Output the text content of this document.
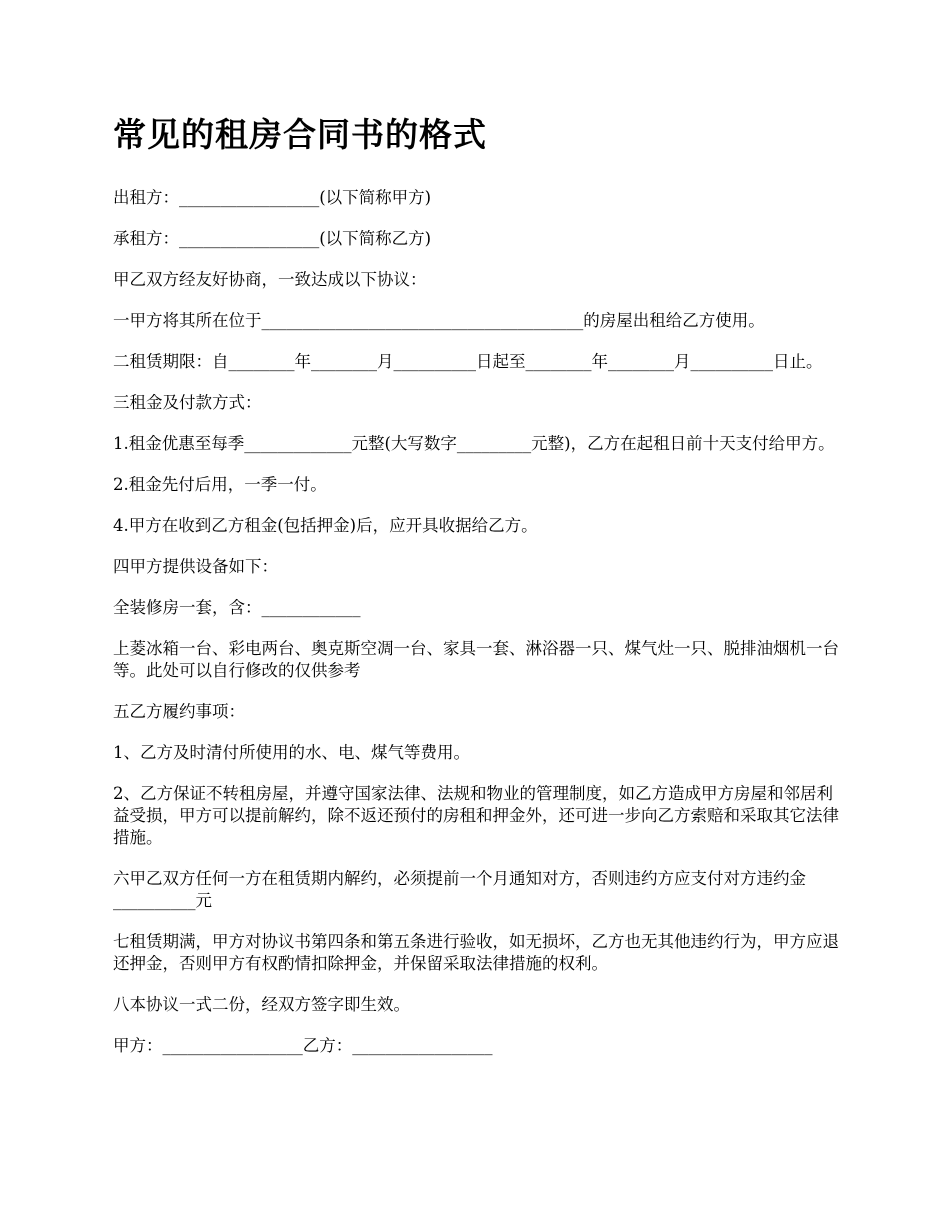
常见的租房合同书的格式

出租方：_________________(以下简称甲方)

承租方：_________________(以下简称乙方)

甲乙双方经友好协商，一致达成以下协议：

一甲方将其所在位于_______________________________________的房屋出租给乙方使用。

二租赁期限：自________年________月__________日起至________年________月__________日止。

三租金及付款方式：

1.租金优惠至每季_____________元整(大写数字_________元整)，乙方在起租日前十天支付给甲方。

2.租金先付后用，一季一付。

4.甲方在收到乙方租金(包括押金)后，应开具收据给乙方。

四甲方提供设备如下：

全装修房一套，含：____________

上菱冰箱一台、彩电两台、奥克斯空凋一台、家具一套、淋浴器一只、煤气灶一只、脱排油烟机一台等。此处可以自行修改的仅供参考

五乙方履约事项：

1、乙方及时清付所使用的水、电、煤气等费用。

2、乙方保证不转租房屋，并遵守国家法律、法规和物业的管理制度，如乙方造成甲方房屋和邻居利益受损，甲方可以提前解约，除不返还预付的房租和押金外，还可进一步向乙方索赔和采取其它法律措施。

六甲乙双方任何一方在租赁期内解约，必须提前一个月通知对方，否则违约方应支付对方违约金__________元

七租赁期满，甲方对协议书第四条和第五条进行验收，如无损坏，乙方也无其他违约行为，甲方应退还押金，否则甲方有权酌情扣除押金，并保留采取法律措施的权利。

八本协议一式二份，经双方签字即生效。

甲方：_________________乙方：_________________
